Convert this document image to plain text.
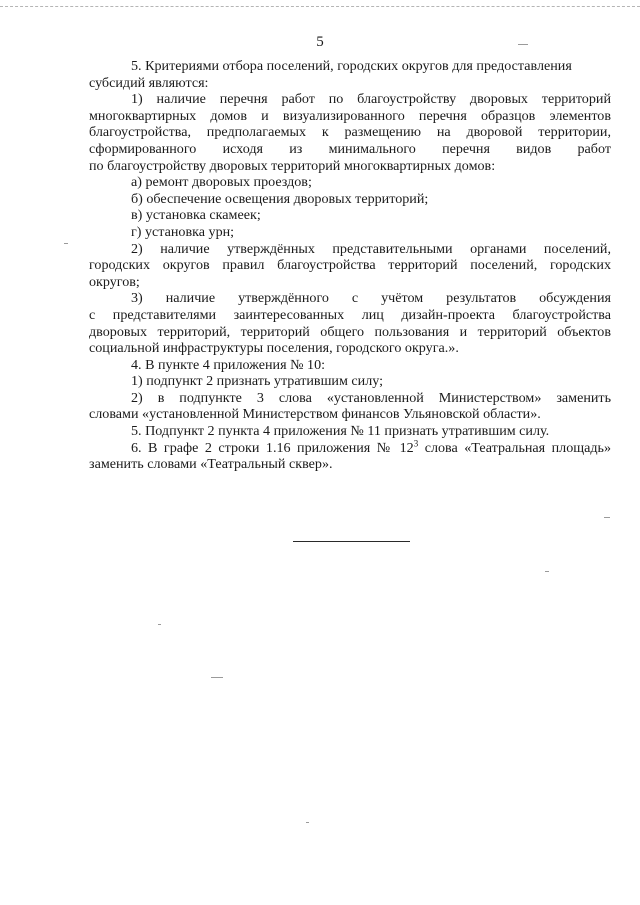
5

5. Критериями отбора поселений, городских округов для предоставления

субсидий являются:

1) наличие перечня работ по благоустройству дворовых территорий

многоквартирных домов и визуализированного перечня образцов элементов
благоустройства, предполагаемых к размещению на дворовой территории,
сформированного исходя из минимального перечня видов работ
по благоустройству дворовых территорий многоквартирных домов:

а) ремонт дворовых проездов;

б) обеспечение освещения дворовых территорий;

в) установка скамеек;

г) установка урн;

2) наличие утверждённых представительными органами поселений,

городских округов правил благоустройства территорий поселений, городских
округов;

3) наличие утверждённого с учётом результатов обсуждения

с представителями заинтересованных лиц дизайн-проекта благоустройства
дворовых территорий, территорий общего пользования и территорий объектов
социальной инфраструктуры поселения, городского округа.».

4. В пункте 4 приложения № 10:

1) подпункт 2 признать утратившим силу;

2) в подпункте 3 слова «установленной Министерством» заменить

словами «установленной Министерством финансов Ульяновской области».

5. Подпункт 2 пункта 4 приложения № 11 признать утратившим силу.

6. В графе 2 строки 1.16 приложения № $12^3$ слова «Театральная площадь»

заменить словами «Театральный сквер».
